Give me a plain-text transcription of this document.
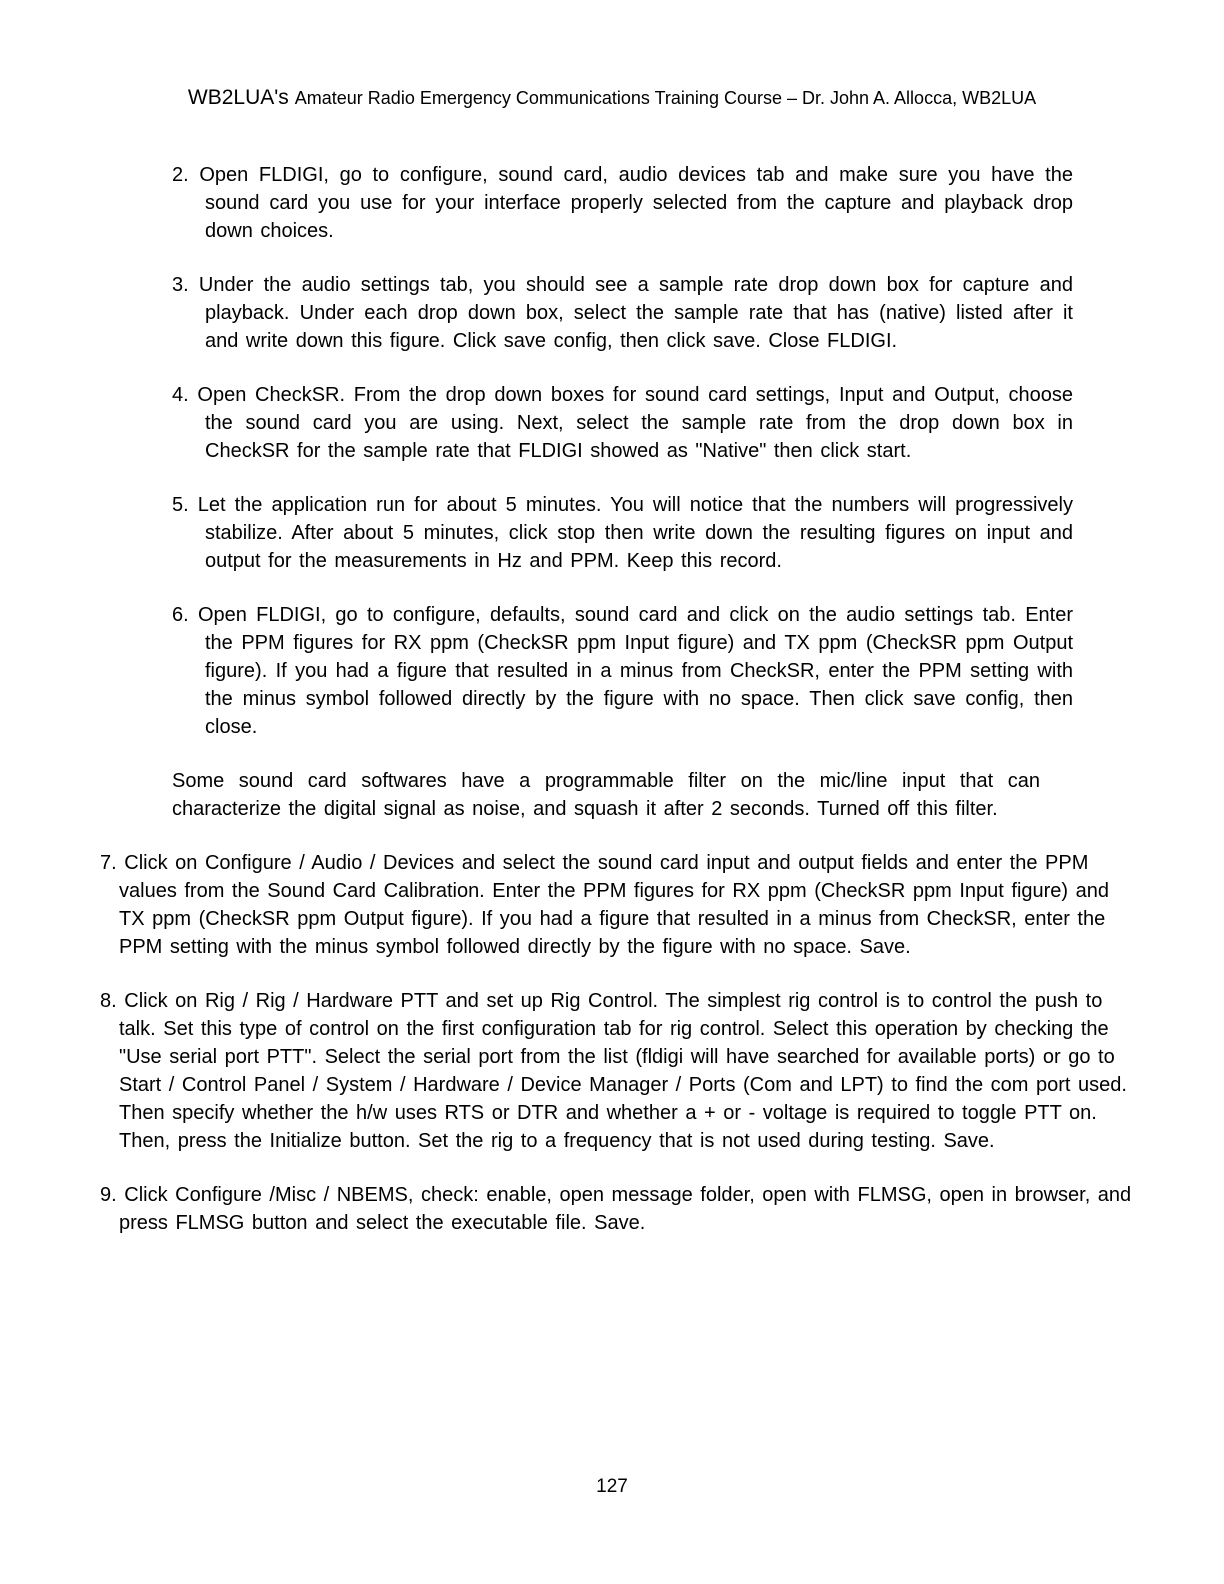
WB2LUA's Amateur Radio Emergency Communications Training Course – Dr. John A. Allocca, WB2LUA
2. Open FLDIGI, go to configure, sound card, audio devices tab and make sure you have the sound card you use for your interface properly selected from the capture and playback drop down choices.
3. Under the audio settings tab, you should see a sample rate drop down box for capture and playback. Under each drop down box, select the sample rate that has (native) listed after it and write down this figure. Click save config, then click save. Close FLDIGI.
4. Open CheckSR. From the drop down boxes for sound card settings, Input and Output, choose the sound card you are using. Next, select the sample rate from the drop down box in CheckSR for the sample rate that FLDIGI showed as "Native" then click start.
5. Let the application run for about 5 minutes. You will notice that the numbers will progressively stabilize. After about 5 minutes, click stop then write down the resulting figures on input and output for the measurements in Hz and PPM. Keep this record.
6. Open FLDIGI, go to configure, defaults, sound card and click on the audio settings tab. Enter the PPM figures for RX ppm (CheckSR ppm Input figure) and TX ppm (CheckSR ppm Output figure). If you had a figure that resulted in a minus from CheckSR, enter the PPM setting with the minus symbol followed directly by the figure with no space. Then click save config, then close.
Some sound card softwares have a programmable filter on the mic/line input that can characterize the digital signal as noise, and squash it after 2 seconds. Turned off this filter.
7. Click on Configure / Audio / Devices and select the sound card input and output fields and enter the PPM values from the Sound Card Calibration. Enter the PPM figures for RX ppm (CheckSR ppm Input figure) and TX ppm (CheckSR ppm Output figure). If you had a figure that resulted in a minus from CheckSR, enter the PPM setting with the minus symbol followed directly by the figure with no space. Save.
8. Click on Rig / Rig / Hardware PTT and set up Rig Control. The simplest rig control is to control the push to talk. Set this type of control on the first configuration tab for rig control. Select this operation by checking the "Use serial port PTT". Select the serial port from the list (fldigi will have searched for available ports) or go to Start / Control Panel / System / Hardware / Device Manager / Ports (Com and LPT) to find the com port used. Then specify whether the h/w uses RTS or DTR and whether a + or - voltage is required to toggle PTT on. Then, press the Initialize button. Set the rig to a frequency that is not used during testing. Save.
9. Click Configure /Misc / NBEMS, check: enable, open message folder, open with FLMSG, open in browser, and press FLMSG button and select the executable file. Save.
127
